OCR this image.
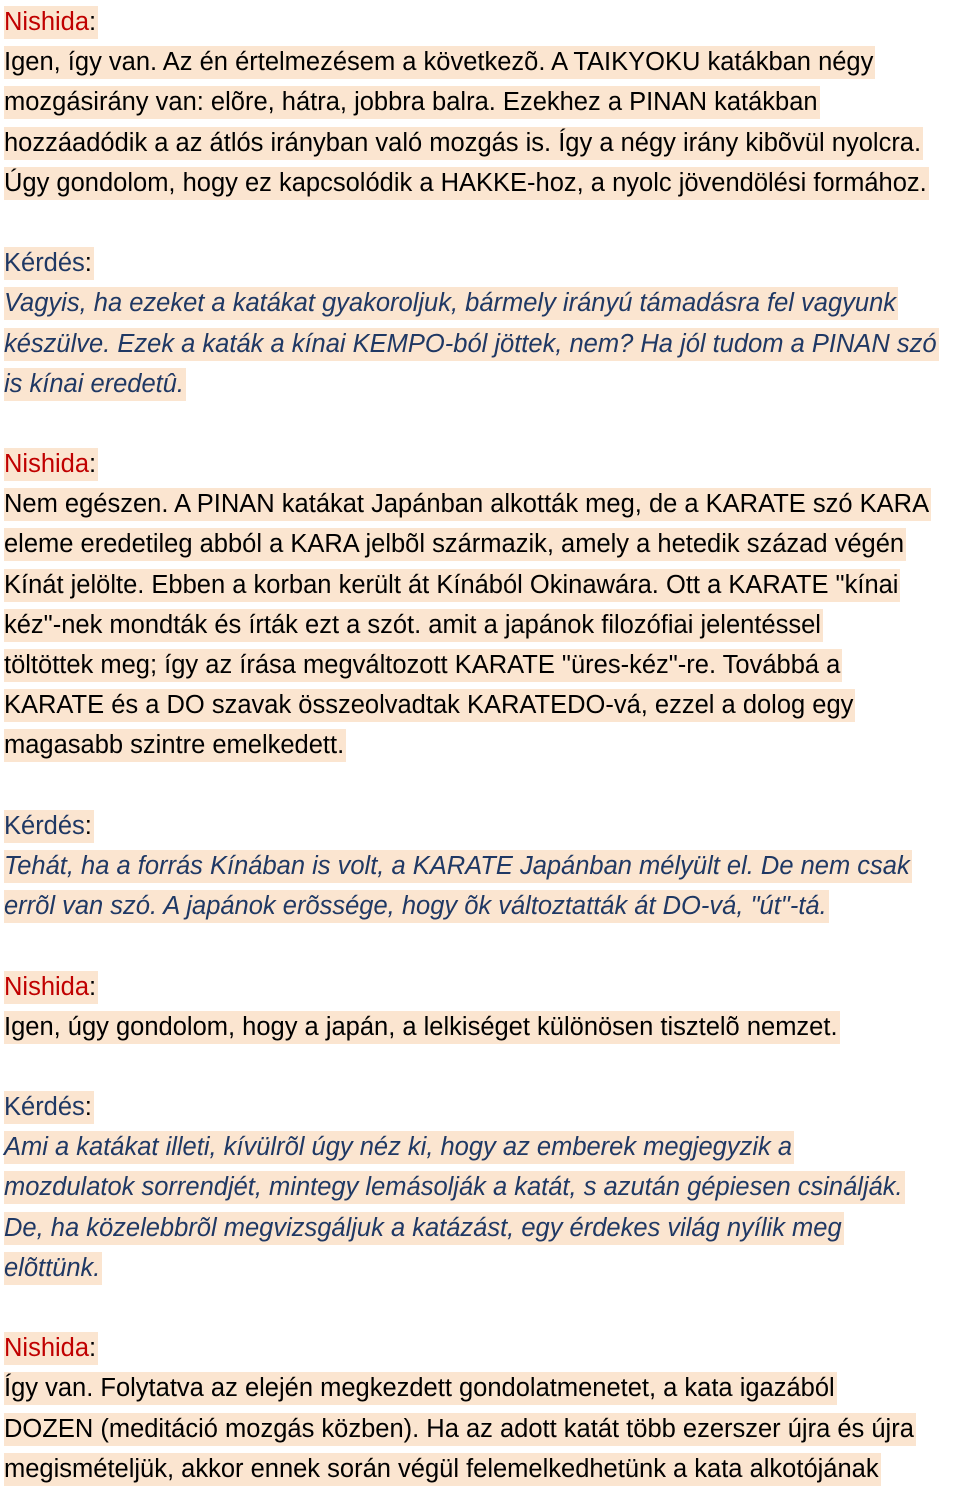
Nishida:
Igen, így van. Az én értelmezésem a következõ. A TAIKYOKU katákban négy
mozgásirány van: elõre, hátra, jobbra balra. Ezekhez a PINAN katákban
hozzáadódik a az átlós irányban való mozgás is. Így a négy irány kibõvül nyolcra.
Úgy gondolom, hogy ez kapcsolódik a HAKKE-hoz, a nyolc jövendölési formához.
Kérdés:
Vagyis, ha ezeket a katákat gyakoroljuk, bármely irányú támadásra fel vagyunk
készülve. Ezek a katák a kínai KEMPO-ból jöttek, nem? Ha jól tudom a PINAN szó
is kínai eredetû.
Nishida:
Nem egészen. A PINAN katákat Japánban alkották meg, de a KARATE szó KARA
eleme eredetileg abból a KARA jelbõl származik, amely a hetedik század végén
Kínát jelölte. Ebben a korban került át Kínából Okinawára. Ott a KARATE "kínai
kéz"-nek mondták és írták ezt a szót. amit a japánok filozófiai jelentéssel
töltöttek meg; így az írása megváltozott KARATE "üres-kéz"-re. Továbbá a
KARATE és a DO szavak összeolvadtak KARATEDO-vá, ezzel a dolog egy
magasabb szintre emelkedett.
Kérdés:
Tehát, ha a forrás Kínában is volt, a KARATE Japánban mélyült el. De nem csak
errõl van szó. A japánok erõssége, hogy õk változtatták át DO-vá, "út"-tá.
Nishida:
Igen, úgy gondolom, hogy a japán, a lelkiséget különösen tisztelõ nemzet.
Kérdés:
Ami a katákat illeti, kívülrõl úgy néz ki, hogy az emberek megjegyzik a
mozdulatok sorrendjét, mintegy lemásolják a katát, s azután gépiesen csinálják.
De, ha közelebbrõl megvizsgáljuk a katázást, egy érdekes világ nyílik meg
elõttünk.
Nishida:
Így van. Folytatva az elején megkezdett gondolatmenetet, a kata igazából
DOZEN (meditáció mozgás közben). Ha az adott katát több ezerszer újra és újra
megismételjük, akkor ennek során végül felemelkedhetünk a kata alkotójának
